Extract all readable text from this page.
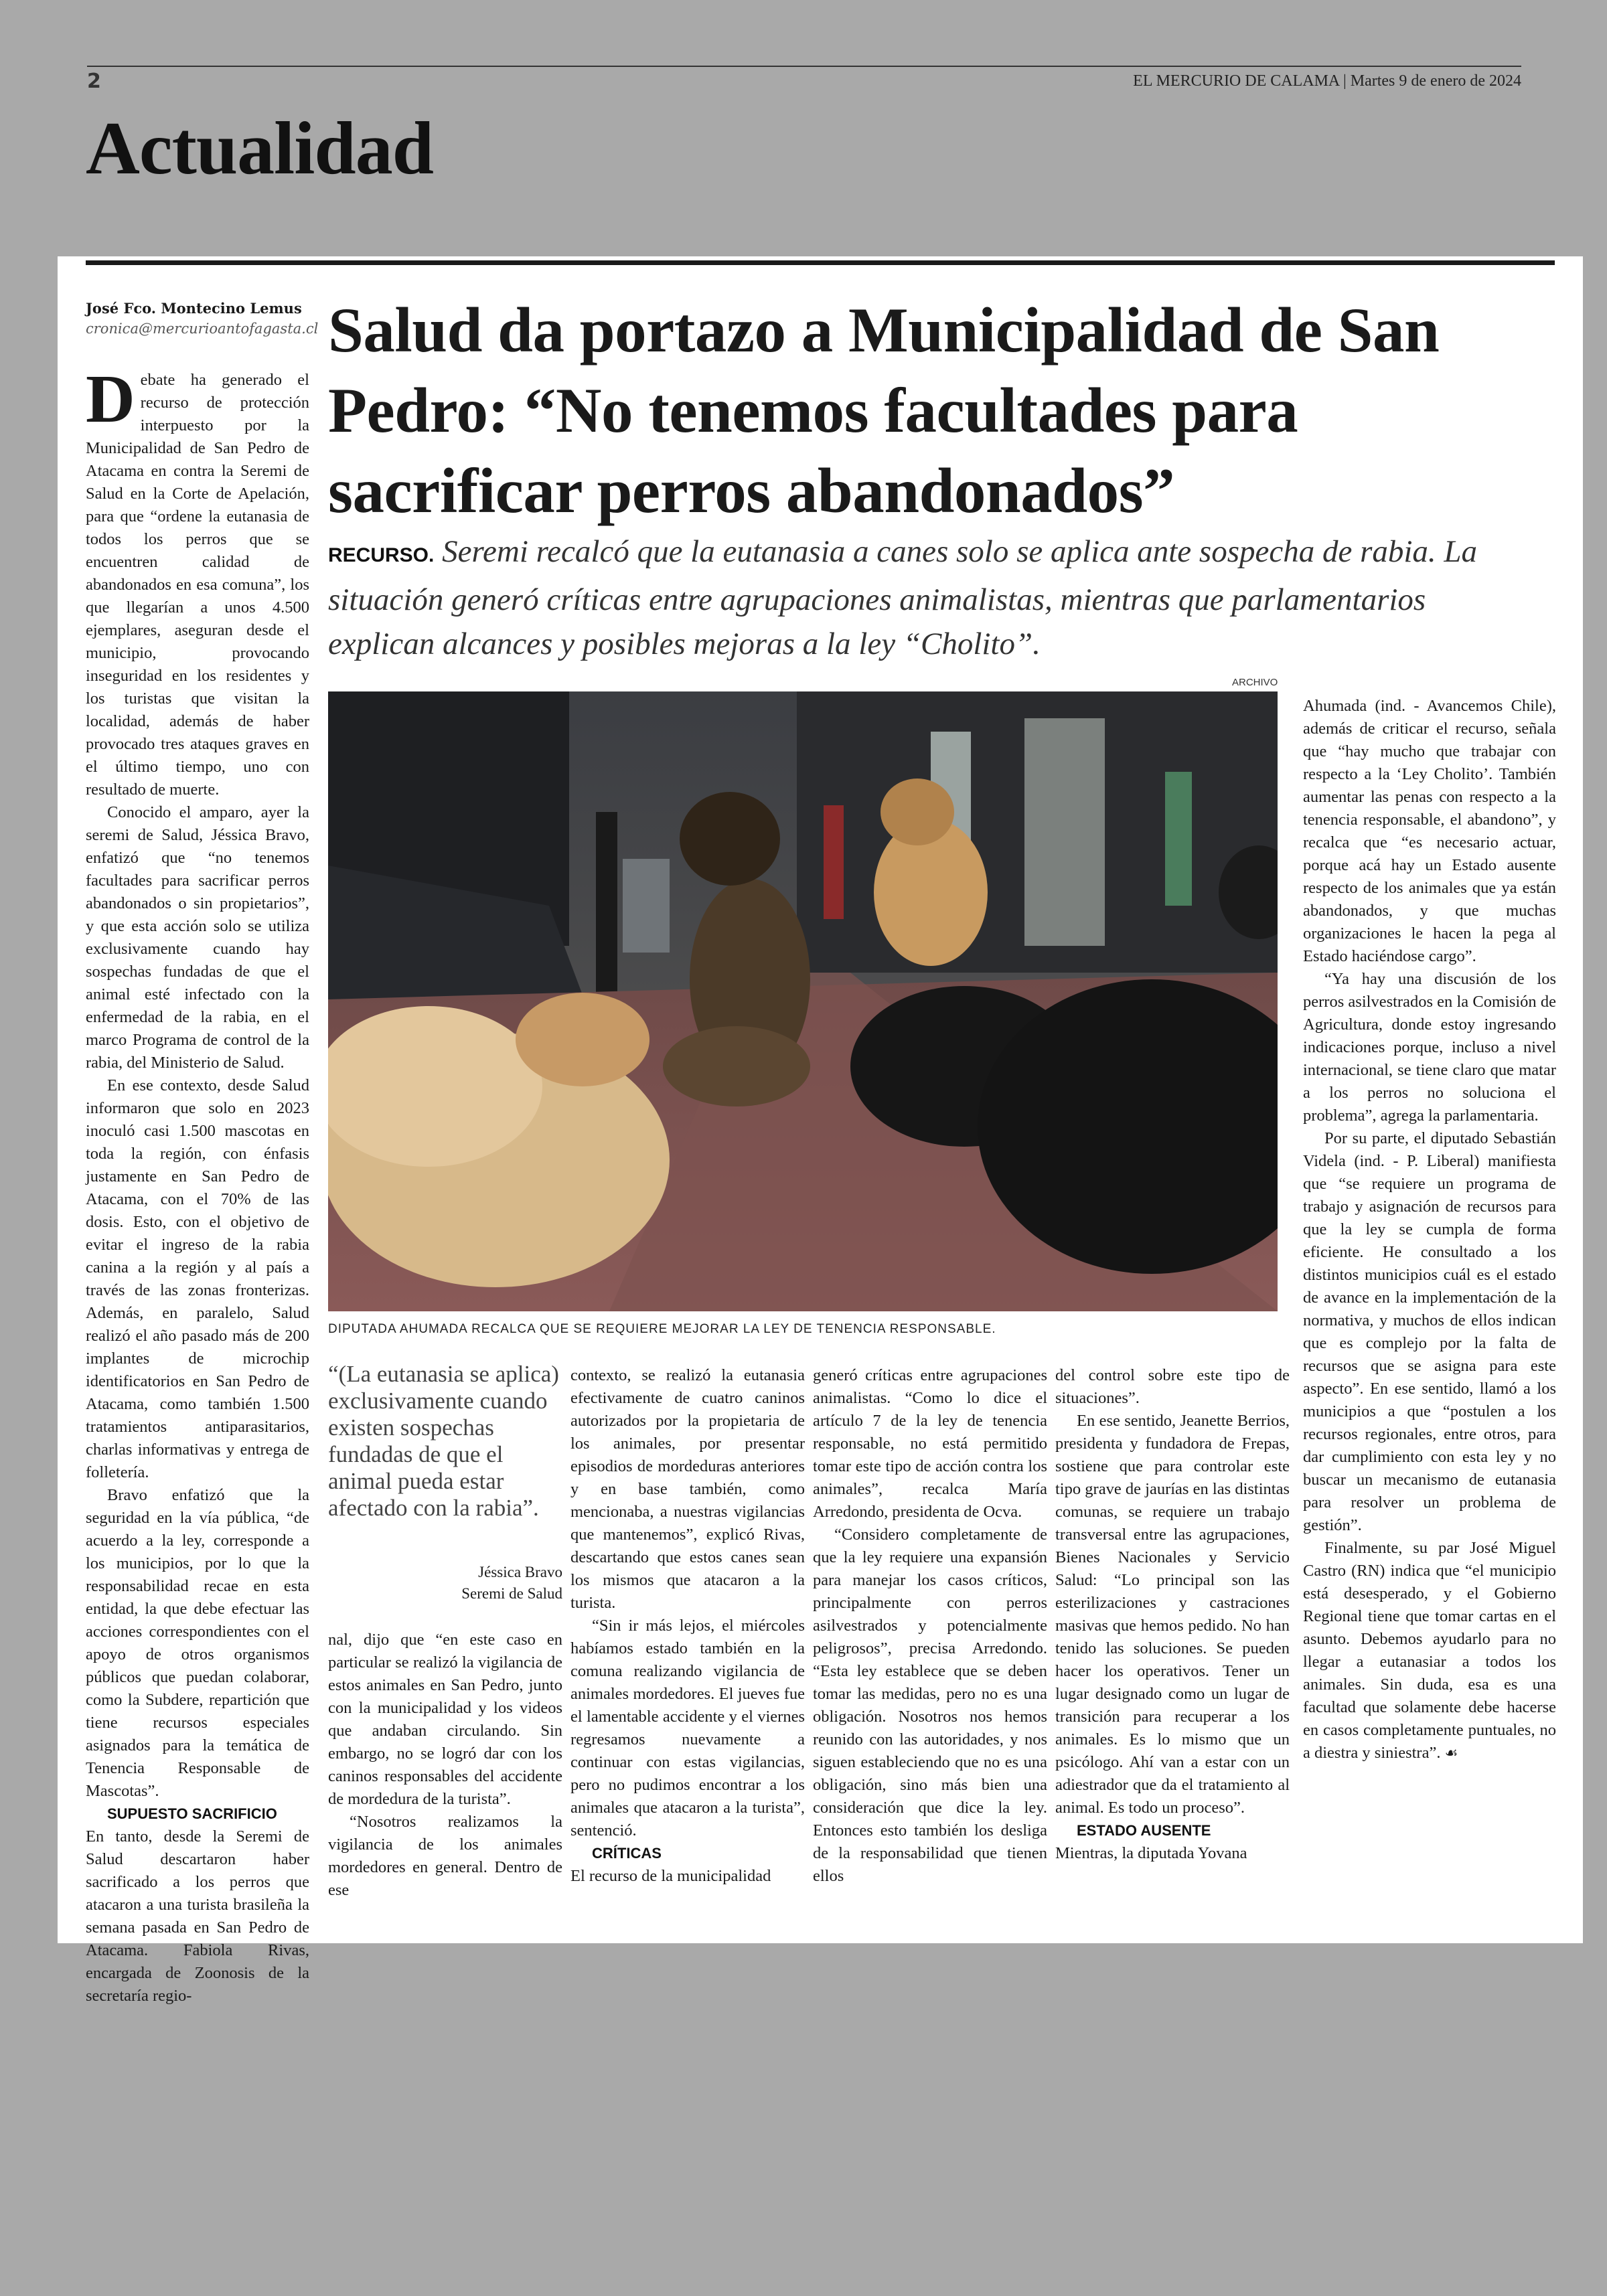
2	EL MERCURIO DE CALAMA | Martes 9 de enero de 2024
Actualidad
José Fco. Montecino Lemus
cronica@mercurioantofagasta.cl Salud da portazo a Municipalidad de San Pedro: “No tenemos facultades para sacrificar perros abandonados”

RECURSO. Seremi recalcó que la eutanasia a canes solo se aplica ante sospecha de rabia. La situación generó críticas entre agrupaciones animalistas, mientras que parlamentarios explican alcances y posibles mejoras a la ley “Cholito”.

Debate ha generado el recurso de protección interpuesto por la Municipalidad de San Pedro de Atacama en contra la Seremi de Salud en la Corte de Apelación, para que “ordene la eutanasia de todos los perros que se encuentren calidad de abandonados en esa comuna”, los que llegarían a unos 4.500 ejemplares, aseguran desde el municipio, provocando inseguridad en los residentes y los turistas que visitan la localidad, además de haber provocado tres ataques graves en el último tiempo, uno con resultado de muerte.

Conocido el amparo, ayer la seremi de Salud, Jéssica Bravo, enfatizó que “no tenemos facultades para sacrificar perros abandonados o sin propietarios”, y que esta acción solo se utiliza exclusivamente cuando hay sospechas fundadas de que el animal esté infectado con la enfermedad de la rabia, en el marco Programa de control de la rabia, del Ministerio de Salud.

En ese contexto, desde Salud informaron que solo en 2023 inoculó casi 1.500 mascotas en toda la región, con énfasis justamente en San Pedro de Atacama, con el 70% de las dosis. Esto, con el objetivo de evitar el ingreso de la rabia canina a la región y al país a través de las zonas fronterizas. Además, en paralelo, Salud realizó el año pasado más de 200 implantes de microchip identificatorios en San Pedro de Atacama, como también 1.500 tratamientos antiparasitarios, charlas informativas y entrega de folletería.

Bravo enfatizó que la seguridad en la vía pública, “de acuerdo a la ley, corresponde a los municipios, por lo que la responsabilidad recae en esta entidad, la que debe efectuar las acciones correspondientes con el apoyo de otros organismos públicos que puedan colaborar, como la Subdere, repartición que tiene recursos especiales asignados para la temática de Tenencia Responsable de Mascotas”.

SUPUESTO SACRIFICIO

En tanto, desde la Seremi de Salud descartaron haber sacrificado a los perros que atacaron a una turista brasileña la semana pasada en San Pedro de Atacama. Fabiola Rivas, encargada de Zoonosis de la secretaría regio-

ARCHIVO
DIPUTADA AHUMADA RECALCA QUE SE REQUIERE MEJORAR LA LEY DE TENENCIA RESPONSABLE.

“(La eutanasia se aplica) exclusivamente cuando existen sospechas fundadas de que el animal pueda estar afectado con la rabia”.

Jéssica Bravo
Seremi de Salud

nal, dijo que “en este caso en particular se realizó la vigilancia de estos animales en San Pedro, junto con la municipalidad y los videos que andaban circulando. Sin embargo, no se logró dar con los caninos responsables del accidente de mordedura de la turista”.

“Nosotros realizamos la vigilancia de los animales mordedores en general. Dentro de ese

contexto, se realizó la eutanasia efectivamente de cuatro caninos autorizados por la propietaria de los animales, por presentar episodios de mordeduras anteriores y en base también, como mencionaba, a nuestras vigilancias que mantenemos”, explicó Rivas, descartando que estos canes sean los mismos que atacaron a la turista.

“Sin ir más lejos, el miércoles habíamos estado también en la comuna realizando vigilancia de animales mordedores. El jueves fue el lamentable accidente y el viernes regresamos nuevamente a continuar con estas vigilancias, pero no pudimos encontrar a los animales que atacaron a la turista”, sentenció.

CRÍTICAS

El recurso de la municipalidad

generó críticas entre agrupaciones animalistas. “Como lo dice el artículo 7 de la ley de tenencia responsable, no está permitido tomar este tipo de acción contra los animales”, recalca María Arredondo, presidenta de Ocva.

“Considero completamente de que la ley requiere una expansión para manejar los casos críticos, principalmente con perros asilvestrados y potencialmente peligrosos”, precisa Arredondo. “Esta ley establece que se deben tomar las medidas, pero no es una obligación. Nosotros nos hemos reunido con las autoridades, y nos siguen estableciendo que no es una obligación, sino más bien una consideración que dice la ley. Entonces esto también los desliga de la responsabilidad que tienen ellos

del control sobre este tipo de situaciones”.

En ese sentido, Jeanette Berrios, presidenta y fundadora de Frepas, sostiene que para controlar este tipo grave de jaurías en las distintas comunas, se requiere un trabajo transversal entre las agrupaciones, Bienes Nacionales y Servicio Salud: “Lo principal son las esterilizaciones y castraciones masivas que hemos pedido. No han tenido las soluciones. Se pueden hacer los operativos. Tener un lugar designado como un lugar de transición para recuperar a los animales. Es lo mismo que un psicólogo. Ahí van a estar con un adiestrador que da el tratamiento al animal. Es todo un proceso”.

ESTADO AUSENTE

Mientras, la diputada Yovana

Ahumada (ind. - Avancemos Chile), además de criticar el recurso, señala que “hay mucho que trabajar con respecto a la ‘Ley Cholito’. También aumentar las penas con respecto a la tenencia responsable, el abandono”, y recalca que “es necesario actuar, porque acá hay un Estado ausente respecto de los animales que ya están abandonados, y que muchas organizaciones le hacen la pega al Estado haciéndose cargo”.

“Ya hay una discusión de los perros asilvestrados en la Comisión de Agricultura, donde estoy ingresando indicaciones porque, incluso a nivel internacional, se tiene claro que matar a los perros no soluciona el problema”, agrega la parlamentaria.

Por su parte, el diputado Sebastián Videla (ind. - P. Liberal) manifiesta que “se requiere un programa de trabajo y asignación de recursos para que la ley se cumpla de forma eficiente. He consultado a los distintos municipios cuál es el estado de avance en la implementación de la normativa, y muchos de ellos indican que es complejo por la falta de recursos que se asigna para este aspecto”. En ese sentido, llamó a los municipios a que “postulen a los recursos regionales, entre otros, para dar cumplimiento con esta ley y no buscar un mecanismo de eutanasia para resolver un problema de gestión”.

Finalmente, su par José Miguel Castro (RN) indica que “el municipio está desesperado, y el Gobierno Regional tiene que tomar cartas en el asunto. Debemos ayudarlo para no llegar a eutanasiar a todos los animales. Sin duda, esa es una facultad que solamente debe hacerse en casos completamente puntuales, no a diestra y siniestra”. ☙
